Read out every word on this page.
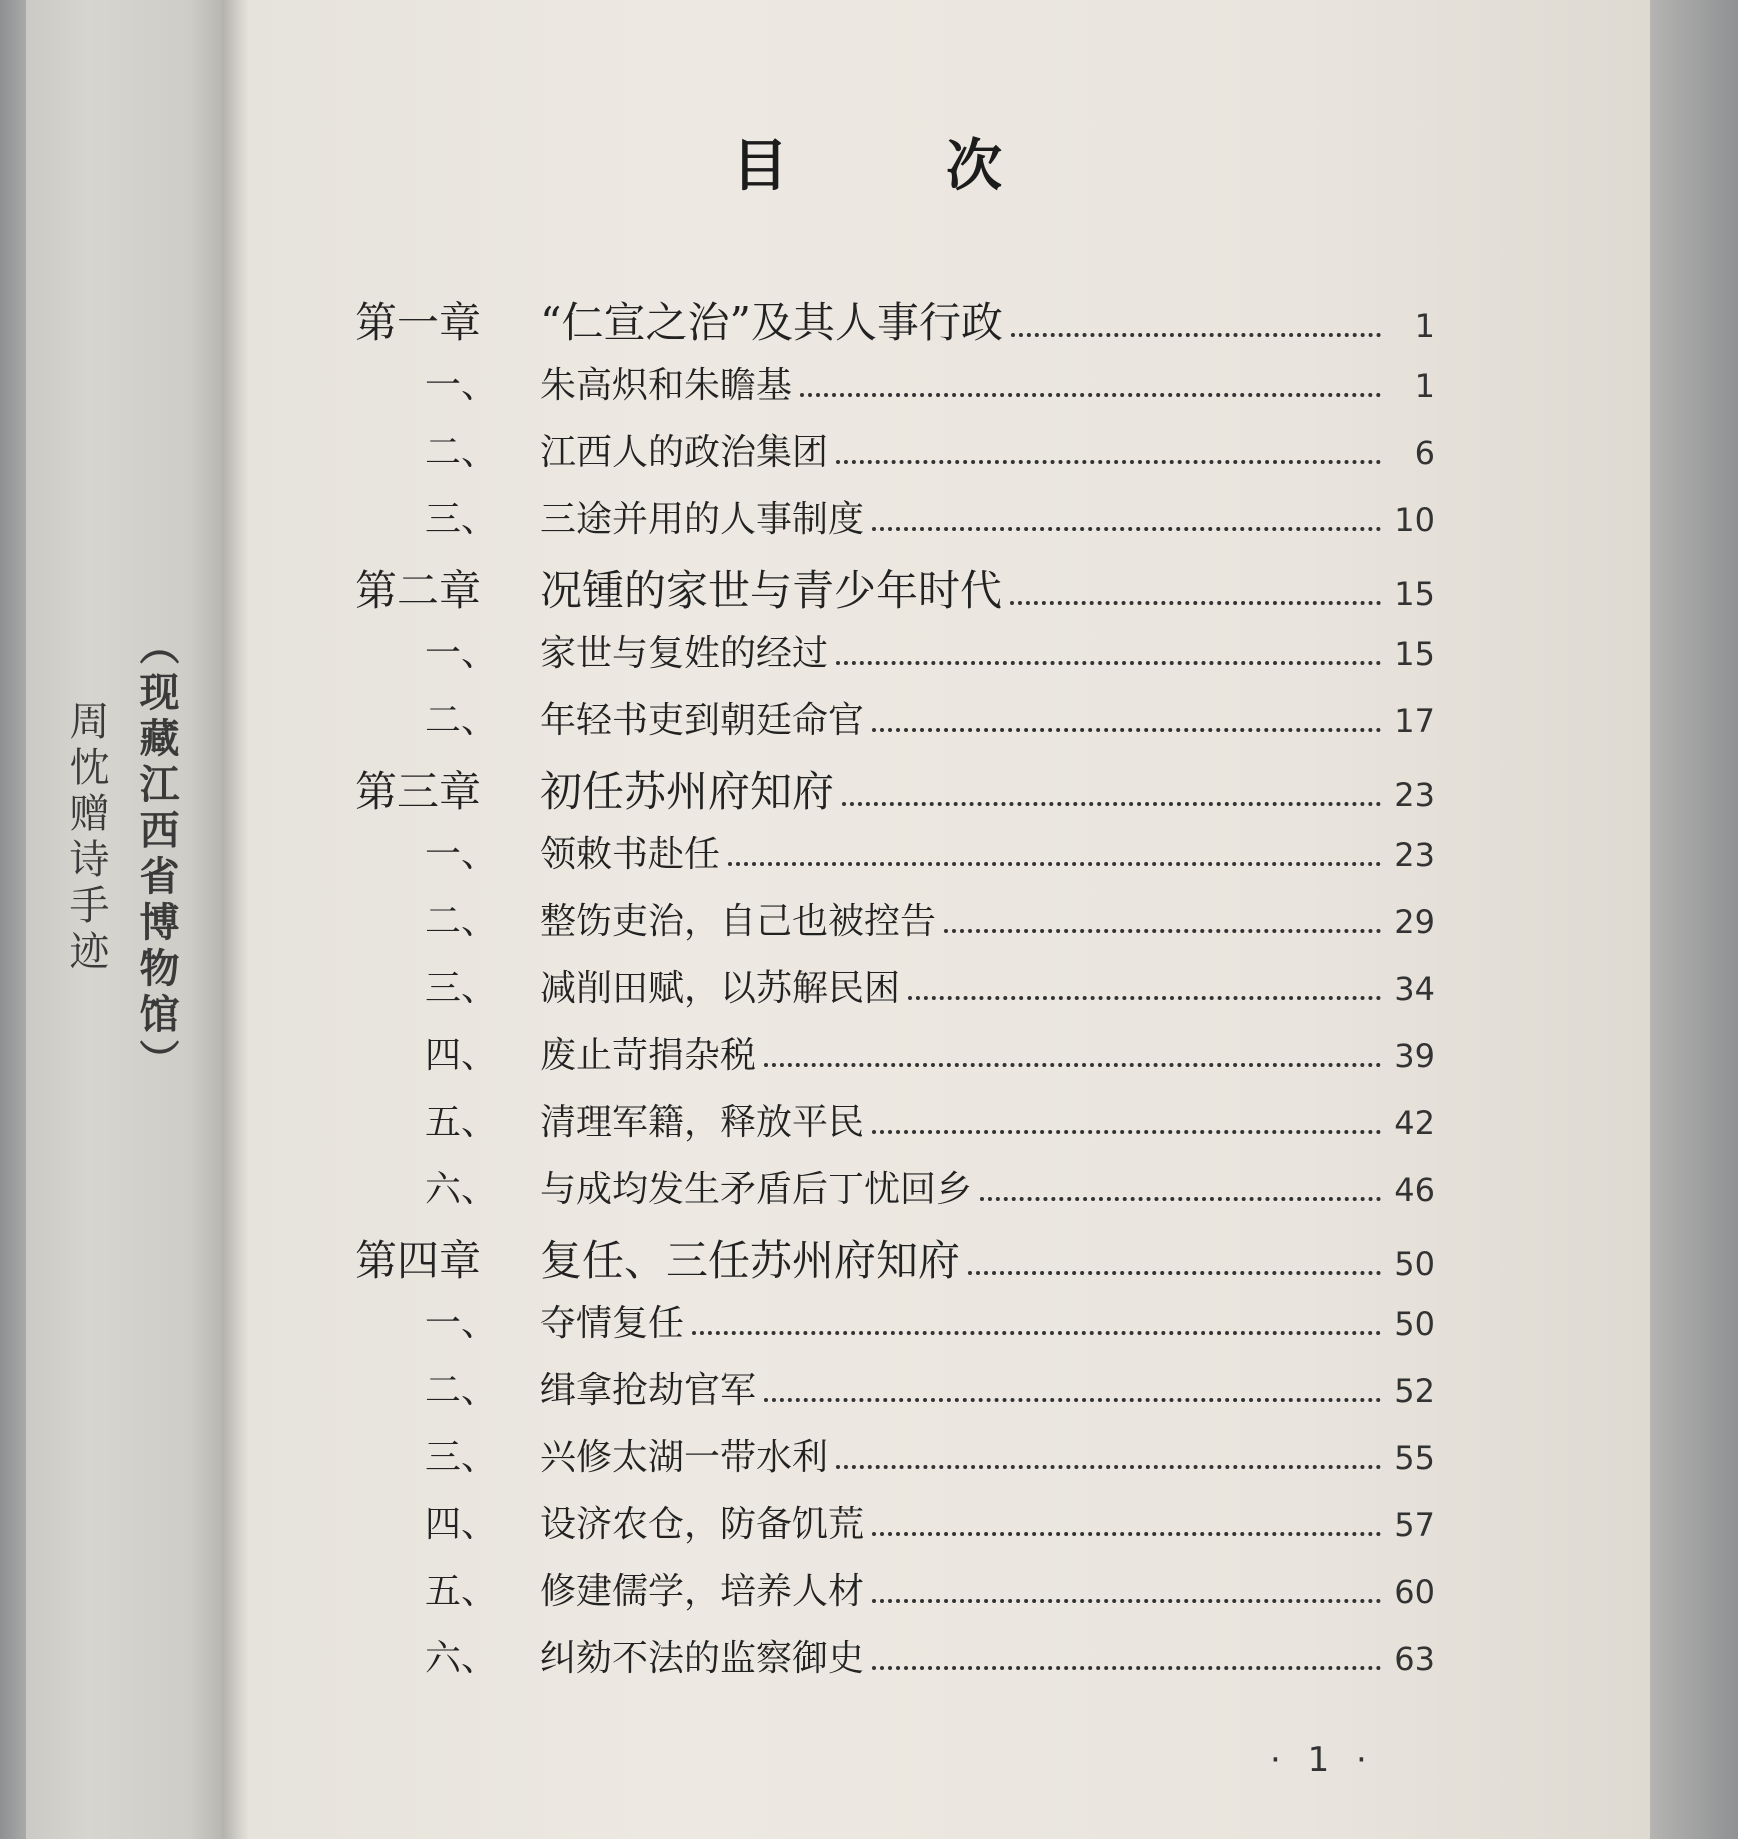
周忱赠诗手迹 （现藏江西省博物馆）
目	次
第一章	“仁宣之治”及其人事行政	1
一、	朱高炽和朱瞻基	1
二、	江西人的政治集团	6
三、	三途并用的人事制度	10
第二章	况锺的家世与青少年时代	15
一、	家世与复姓的经过	15
二、	年轻书吏到朝廷命官	17
第三章	初任苏州府知府	23
一、	领敕书赴任	23
二、	整饬吏治，自己也被控告	29
三、	减削田赋，以苏解民困	34
四、	废止苛捐杂税	39
五、	清理军籍，释放平民	42
六、	与成均发生矛盾后丁忧回乡	46
第四章	复任、三任苏州府知府	50
一、	夺情复任	50
二、	缉拿抢劫官军	52
三、	兴修太湖一带水利	55
四、	设济农仓，防备饥荒	57
五、	修建儒学，培养人材	60
六、	纠劾不法的监察御史	63
· 1 ·
